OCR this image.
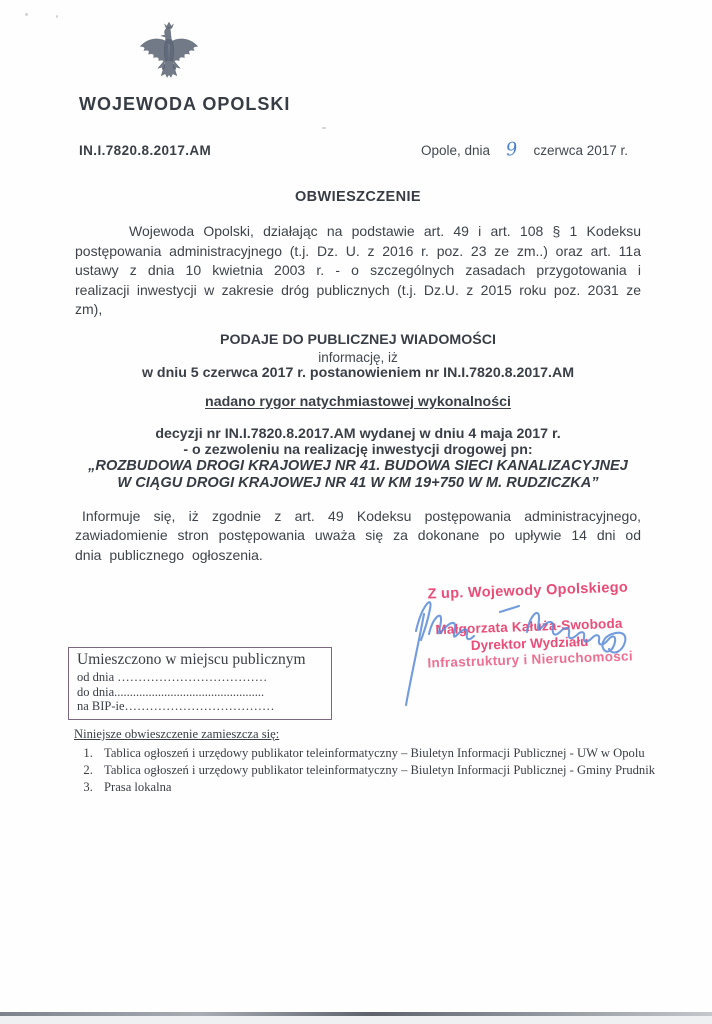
WOJEWODA OPOLSKI
IN.I.7820.8.2017.AM	Opole, dnia 9 czerwca 2017 r.
OBWIESZCZENIE

Wojewoda Opolski, działając na podstawie art. 49 i art. 108 § 1 Kodeksu postępowania administracyjnego (t.j. Dz. U. z 2016 r. poz. 23 ze zm..) oraz art. 11a ustawy z dnia 10 kwietnia 2003 r. - o szczególnych zasadach przygotowania i realizacji inwestycji w zakresie dróg publicznych (t.j. Dz.U. z 2015 roku poz. 2031 ze zm),

PODAJE DO PUBLICZNEJ WIADOMOŚCI

informację, iż

w dniu 5 czerwca 2017 r. postanowieniem nr IN.I.7820.8.2017.AM

nadano rygor natychmiastowej wykonalności

decyzji nr IN.I.7820.8.2017.AM wydanej w dniu 4 maja 2017 r.

- o zezwoleniu na realizację inwestycji drogowej pn:

„ROZBUDOWA DROGI KRAJOWEJ NR 41. BUDOWA SIECI KANALIZACYJNEJ
W CIĄGU DROGI KRAJOWEJ NR 41 W KM 19+750 W M. RUDZICZKA”

Informuje się, iż zgodnie z art. 49 Kodeksu postępowania administracyjnego, zawiadomienie stron postępowania uważa się za dokonane po upływie 14 dni od dnia publicznego ogłoszenia.

Z up. Wojewody Opolskiego

Małgorzata Kałuża-Swoboda

Dyrektor Wydziału

Infrastruktury i Nieruchomości

Umieszczono w miejscu publicznym

od dnia ………………………………

do dnia................................................

na BIP-ie………………………………

Niniejsze obwieszczenie zamieszcza się:

1. Tablica ogłoszeń i urzędowy publikator teleinformatyczny – Biuletyn Informacji Publicznej - UW w Opolu
2. Tablica ogłoszeń i urzędowy publikator teleinformatyczny – Biuletyn Informacji Publicznej - Gminy Prudnik
3. Prasa lokalna
